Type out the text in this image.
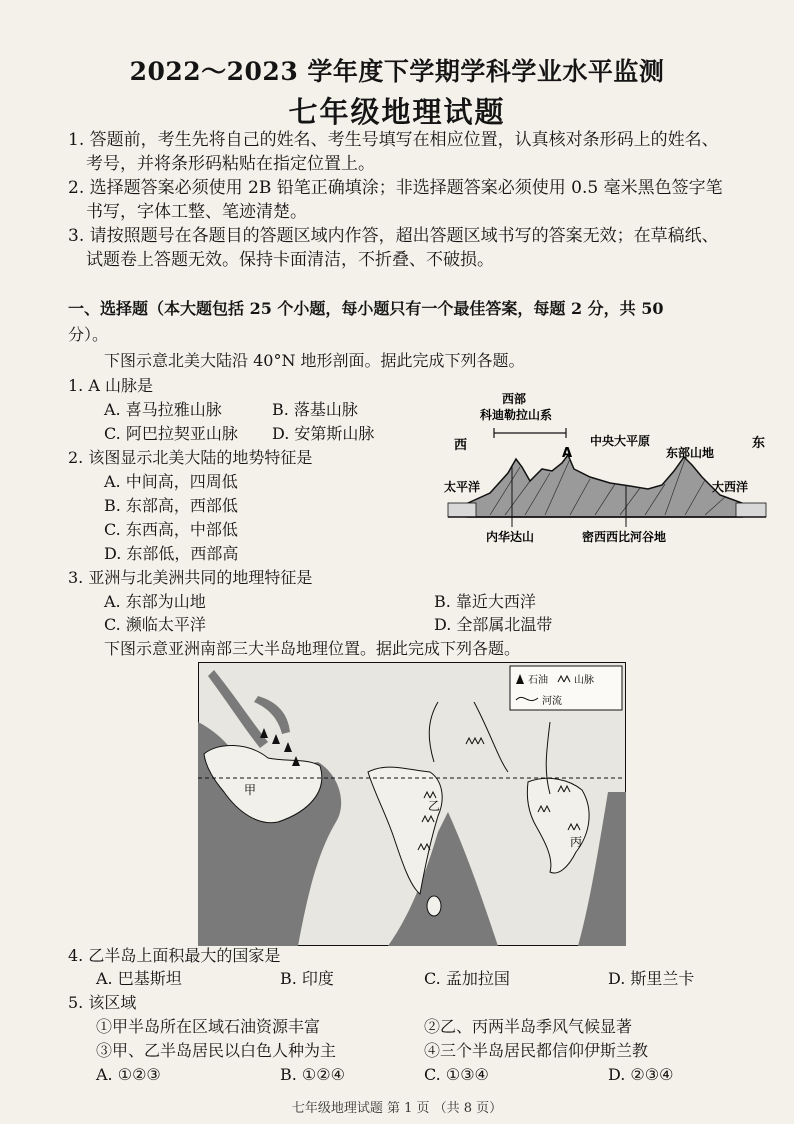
2022～2023 学年度下学期学科学业水平监测
七年级地理试题
1. 答题前，考生先将自己的姓名、考生号填写在相应位置，认真核对条形码上的姓名、
考号，并将条形码粘贴在指定位置上。
2. 选择题答案必须使用 2B 铅笔正确填涂；非选择题答案必须使用 0.5 毫米黑色签字笔
书写，字体工整、笔迹清楚。
3. 请按照题号在各题目的答题区域内作答，超出答题区域书写的答案无效；在草稿纸、
试题卷上答题无效。保持卡面清洁，不折叠、不破损。
一、选择题（本大题包括 25 个小题，每小题只有一个最佳答案，每题 2 分，共 50
分）。
下图示意北美大陆沿 40°N 地形剖面。据此完成下列各题。
1. A 山脉是
A. 喜马拉雅山脉	B. 落基山脉
C. 阿巴拉契亚山脉 D. 安第斯山脉
2. 该图显示北美大陆的地势特征是
A. 中间高，四周低
B. 东部高，西部低
C. 东西高，中部低
D. 东部低，西部高
3. 亚洲与北美洲共同的地理特征是
A. 东部为山地	B. 靠近大西洋
C. 濒临太平洋	D. 全部属北温带
下图示意亚洲南部三大半岛地理位置。据此完成下列各题。
西	东
西部
科迪勒拉山系
A
中央大平原
东部山地
太平洋	大西洋
内华达山	密西西比河谷地
石油	山脉
河流
甲
乙
丙
4. 乙半岛上面积最大的国家是
A. 巴基斯坦	B. 印度	C. 孟加拉国	D. 斯里兰卡
5. 该区域
①甲半岛所在区域石油资源丰富	②乙、丙两半岛季风气候显著
③甲、乙半岛居民以白色人种为主	④三个半岛居民都信仰伊斯兰教
A. ①②③	B. ①②④	C. ①③④	D. ②③④
七年级地理试题 第 1 页 （共 8 页）
